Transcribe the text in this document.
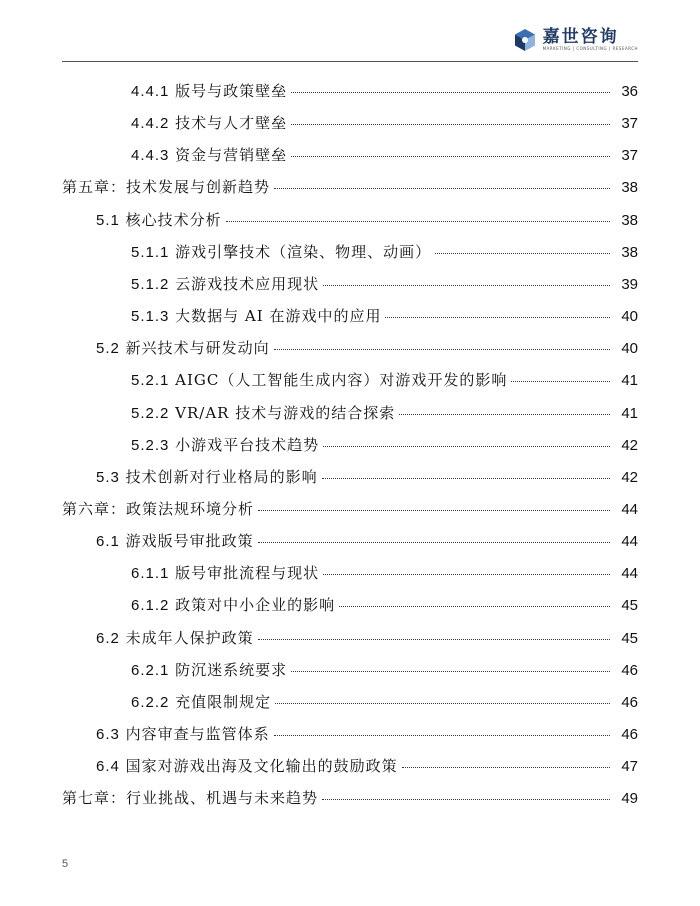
嘉世咨询
MARKETING | CONSULTING | RESEARCH
4.4.1 版号与政策壁垒	36
4.4.2 技术与人才壁垒	37
4.4.3 资金与营销壁垒	37
第五章：技术发展与创新趋势	38
5.1 核心技术分析	38
5.1.1 游戏引擎技术（渲染、物理、动画）	38
5.1.2 云游戏技术应用现状	39
5.1.3 大数据与 AI 在游戏中的应用	40
5.2 新兴技术与研发动向	40
5.2.1 AIGC（人工智能生成内容）对游戏开发的影响	41
5.2.2 VR/AR 技术与游戏的结合探索	41
5.2.3 小游戏平台技术趋势	42
5.3 技术创新对行业格局的影响	42
第六章：政策法规环境分析	44
6.1 游戏版号审批政策	44
6.1.1 版号审批流程与现状	44
6.1.2 政策对中小企业的影响	45
6.2 未成年人保护政策	45
6.2.1 防沉迷系统要求	46
6.2.2 充值限制规定	46
6.3 内容审查与监管体系	46
6.4 国家对游戏出海及文化输出的鼓励政策	47
第七章：行业挑战、机遇与未来趋势	49
5
